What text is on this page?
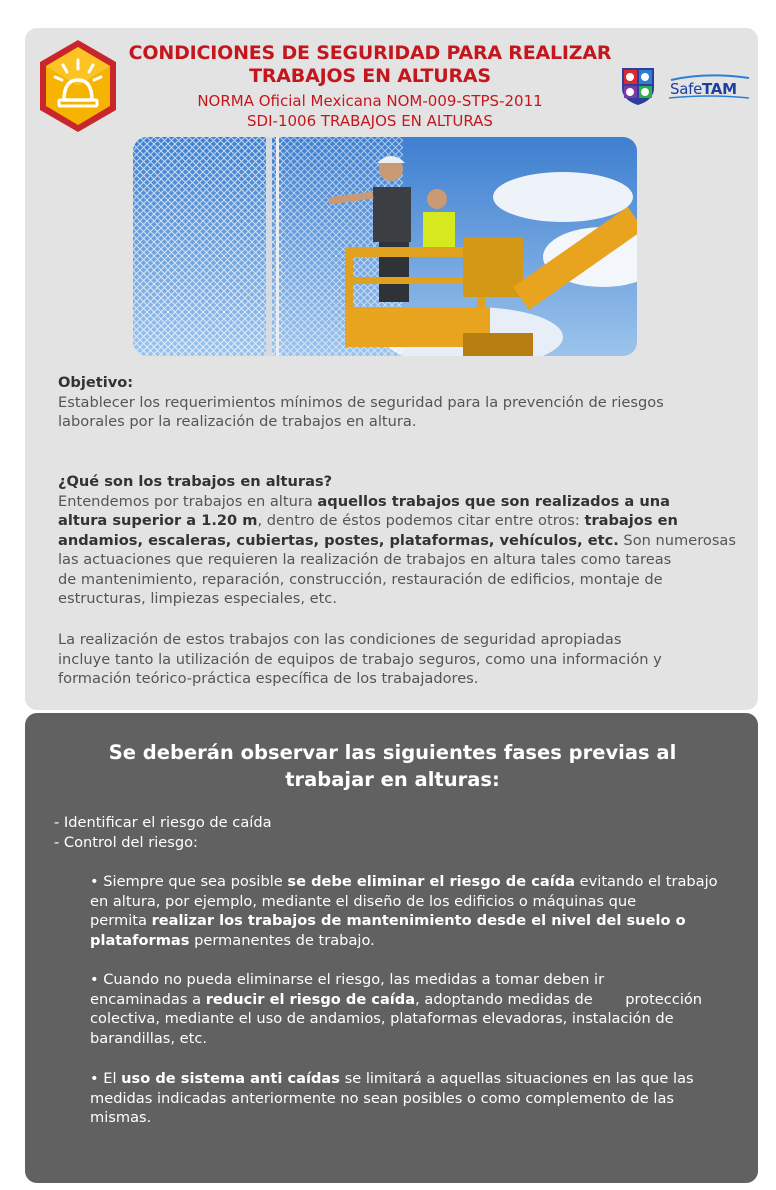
CONDICIONES DE SEGURIDAD PARA REALIZAR
TRABAJOS EN ALTURAS
NORMA Oficial Mexicana NOM-009-STPS-2011
SDI-1006 TRABAJOS EN ALTURAS
SafeTAM
Objetivo:
Establecer los requerimientos mínimos de seguridad para la prevención de riesgos
laborales por la realización de trabajos en altura.
¿Qué son los trabajos en alturas?
Entendemos por trabajos en altura aquellos trabajos que son realizados a una
altura superior a 1.20 m, dentro de éstos podemos citar entre otros: trabajos en
andamios, escaleras, cubiertas, postes, plataformas, vehículos, etc. Son numerosas
las actuaciones que requieren la realización de trabajos en altura tales como tareas
de mantenimiento, reparación, construcción, restauración de edificios, montaje de
estructuras, limpiezas especiales, etc.
La realización de estos trabajos con las condiciones de seguridad apropiadas
incluye tanto la utilización de equipos de trabajo seguros, como una información y
formación teórico-práctica específica de los trabajadores.
Se deberán observar las siguientes fases previas al
trabajar en alturas:
- Identificar el riesgo de caída
- Control del riesgo:
• Siempre que sea posible se debe eliminar el riesgo de caída evitando el trabajo
en altura, por ejemplo, mediante el diseño de los edificios o máquinas que
permita realizar los trabajos de mantenimiento desde el nivel del suelo o
plataformas permanentes de trabajo.
• Cuando no pueda eliminarse el riesgo, las medidas a tomar deben ir
encaminadas a reducir el riesgo de caída, adoptando medidas de       protección
colectiva, mediante el uso de andamios, plataformas elevadoras, instalación de
barandillas, etc.
• El uso de sistema anti caídas se limitará a aquellas situaciones en las que las
medidas indicadas anteriormente no sean posibles o como complemento de las
mismas.
